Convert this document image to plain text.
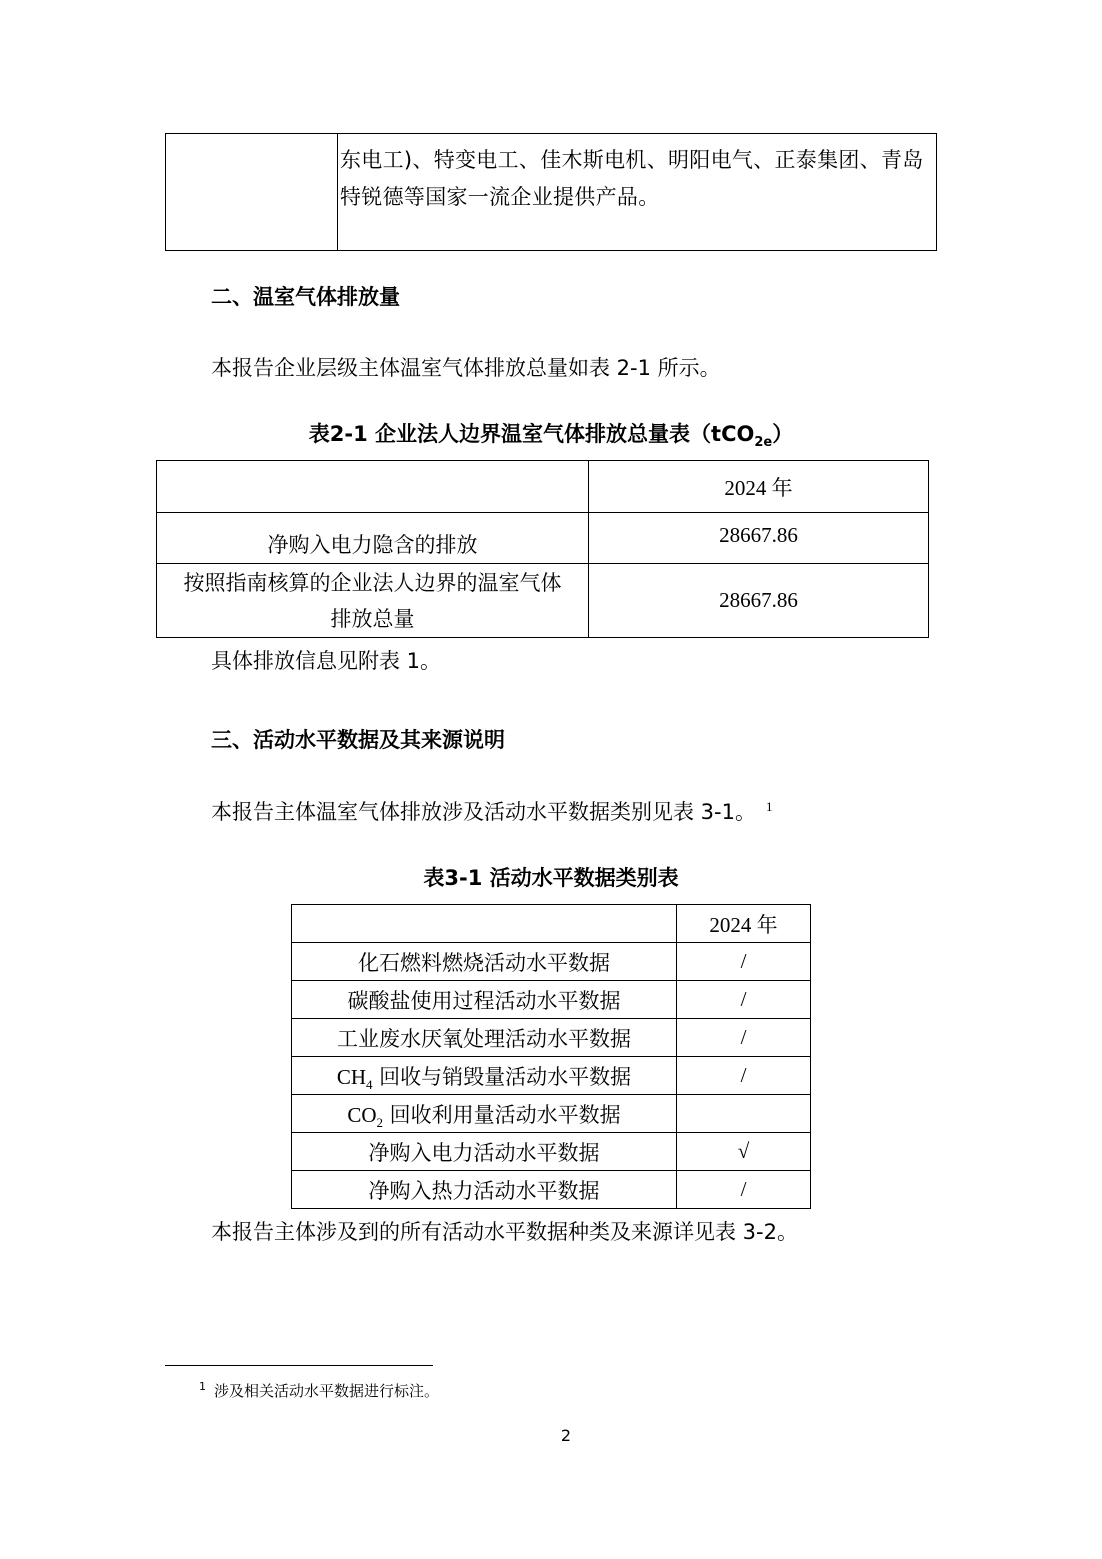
东电工)、特变电工、佳木斯电机、明阳电气、正泰集团、青岛
特锐德等国家一流企业提供产品。
二、温室气体排放量
本报告企业层级主体温室气体排放总量如表 2-1 所示。
表2-1 企业法人边界温室气体排放总量表（tCO$_{2e}$）
	2024 年
净购入电力隐含的排放	28667.86

按照指南核算的企业法人边界的温室气体
排放总量	28667.86
具体排放信息见附表 1。
三、活动水平数据及其来源说明
本报告主体温室气体排放涉及活动水平数据类别见表 3-1。 $^1$
表3-1 活动水平数据类别表
	2024 年
化石燃料燃烧活动水平数据	/
碳酸盐使用过程活动水平数据	/
工业废水厌氧处理活动水平数据	/
$CH_4$ 回收与销毁量活动水平数据	/
$CO_2$ 回收利用量活动水平数据	
净购入电力活动水平数据	√
净购入热力活动水平数据	/
本报告主体涉及到的所有活动水平数据种类及来源详见表 3-2。
$^1$ 涉及相关活动水平数据进行标注。
2
